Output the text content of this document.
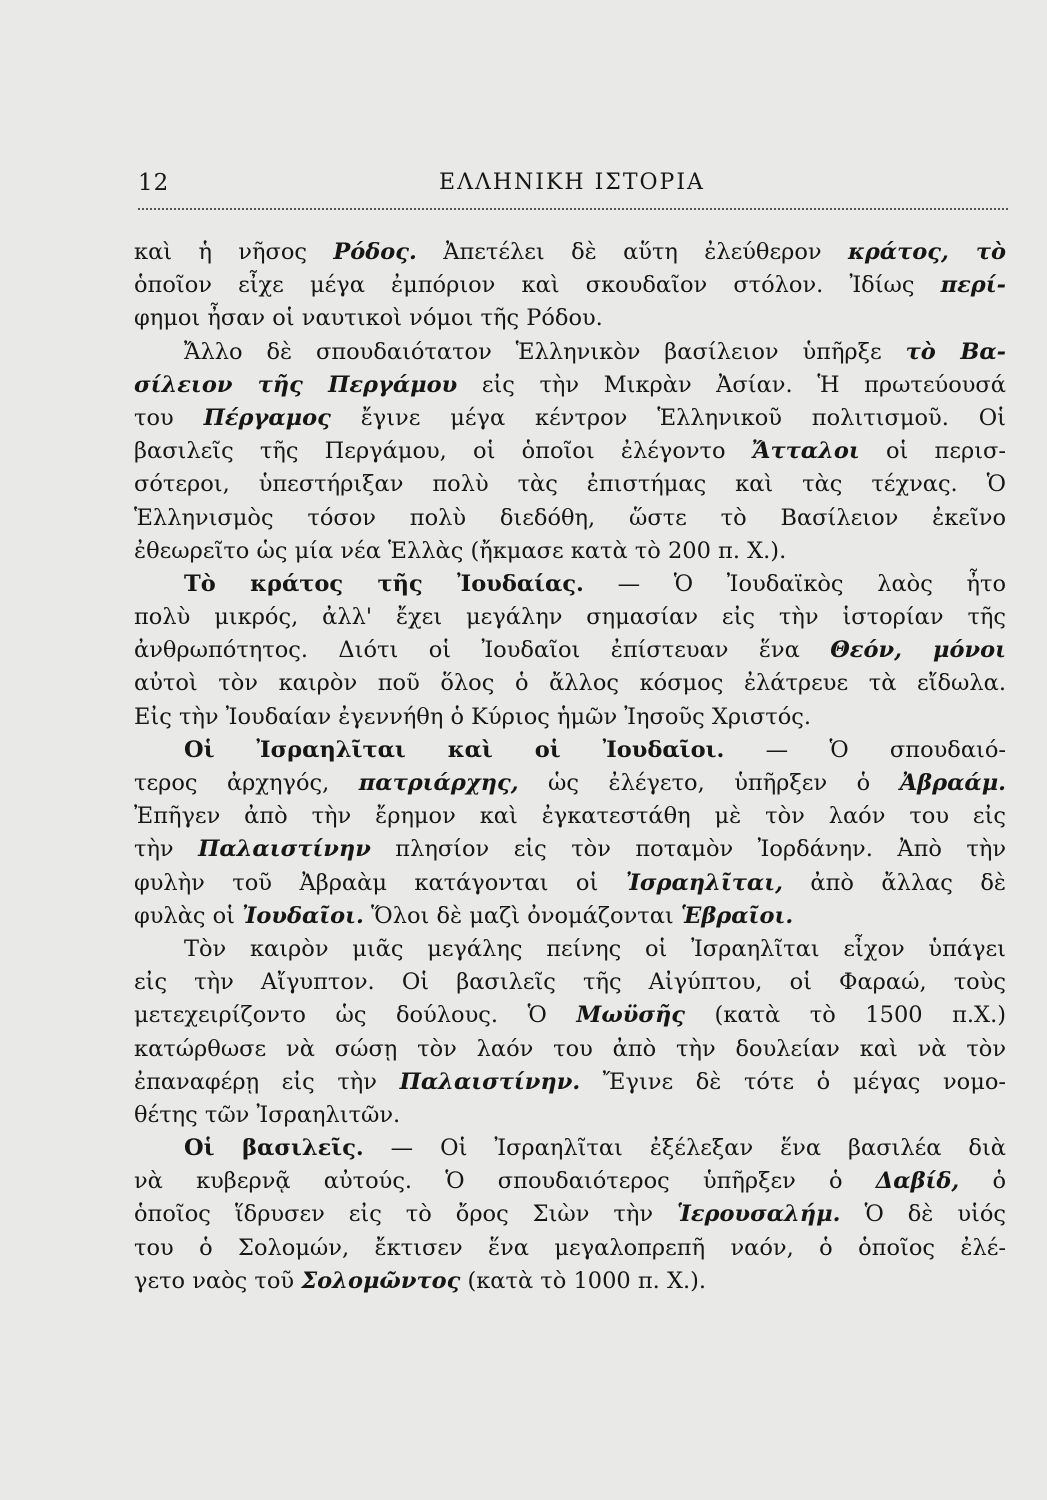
12	ΕΛΛΗΝΙΚΗ ΙΣΤΟΡΙΑ
καὶ ἡ νῆσος Ρόδος. Ἀπετέλει δὲ αὕτη ἐλεύθερον κράτος, τὸ
ὁποῖον εἶχε μέγα ἐμπόριον καὶ σκουδαῖον στόλον. Ἰδίως περί-
φημοι ἦσαν οἱ ναυτικοὶ νόμοι τῆς Ρόδου.
Ἄλλο δὲ σπουδαιότατον Ἑλληνικὸν βασίλειον ὑπῆρξε τὸ Βα-
σίλειον τῆς Περγάμου εἰς τὴν Μικρὰν Ἀσίαν. Ἡ πρωτεύουσά
του Πέργαμος ἔγινε μέγα κέντρον Ἑλληνικοῦ πολιτισμοῦ. Οἱ
βασιλεῖς τῆς Περγάμου, οἱ ὁποῖοι ἐλέγοντο Ἄτταλοι οἱ περισ-
σότεροι, ὑπεστήριξαν πολὺ τὰς ἐπιστήμας καὶ τὰς τέχνας. Ὁ
Ἑλληνισμὸς τόσον πολὺ διεδόθη, ὥστε τὸ Βασίλειον ἐκεῖνο
ἐθεωρεῖτο ὡς μία νέα Ἑλλὰς (ἤκμασε κατὰ τὸ 200 π. Χ.).
Τὸ κράτος τῆς Ἰουδαίας. — Ὁ Ἰουδαϊκὸς λαὸς ἦτο
πολὺ μικρός, ἀλλ' ἔχει μεγάλην σημασίαν εἰς τὴν ἱστορίαν τῆς
ἀνθρωπότητος. Διότι οἱ Ἰουδαῖοι ἐπίστευαν ἕνα Θεόν, μόνοι
αὐτοὶ τὸν καιρὸν ποῦ ὅλος ὁ ἄλλος κόσμος ἐλάτρευε τὰ εἴδωλα.
Εἰς τὴν Ἰουδαίαν ἐγεννήθη ὁ Κύριος ἡμῶν Ἰησοῦς Χριστός.
Οἱ Ἰσραηλῖται καὶ οἱ Ἰουδαῖοι. — Ὁ σπουδαιό-
τερος ἀρχηγός, πατριάρχης, ὡς ἐλέγετο, ὑπῆρξεν ὁ Ἀβραάμ.
Ἐπῆγεν ἀπὸ τὴν ἔρημον καὶ ἐγκατεστάθη μὲ τὸν λαόν του εἰς
τὴν Παλαιστίνην πλησίον εἰς τὸν ποταμὸν Ἰορδάνην. Ἀπὸ τὴν
φυλὴν τοῦ Ἀβραὰμ κατάγονται οἱ Ἰσραηλῖται, ἀπὸ ἄλλας δὲ
φυλὰς οἱ Ἰουδαῖοι. Ὅλοι δὲ μαζὶ ὀνομάζονται Ἑβραῖοι.
Τὸν καιρὸν μιᾶς μεγάλης πείνης οἱ Ἰσραηλῖται εἶχον ὑπάγει
εἰς τὴν Αἴγυπτον. Οἱ βασιλεῖς τῆς Αἰγύπτου, οἱ Φαραώ, τοὺς
μετεχειρίζοντο ὡς δούλους. Ὁ Μωϋσῆς (κατὰ τὸ 1500 π.Χ.)
κατώρθωσε νὰ σώσῃ τὸν λαόν του ἀπὸ τὴν δουλείαν καὶ νὰ τὸν
ἐπαναφέρῃ εἰς τὴν Παλαιστίνην. Ἔγινε δὲ τότε ὁ μέγας νομο-
θέτης τῶν Ἰσραηλιτῶν.
Οἱ βασιλεῖς. — Οἱ Ἰσραηλῖται ἐξέλεξαν ἕνα βασιλέα διὰ
νὰ κυβερνᾷ αὐτούς. Ὁ σπουδαιότερος ὑπῆρξεν ὁ Δαβίδ, ὁ
ὁποῖος ἵδρυσεν εἰς τὸ ὄρος Σιὼν τὴν Ἱερουσαλήμ. Ὁ δὲ υἱός
του ὁ Σολομών, ἔκτισεν ἕνα μεγαλοπρεπῆ ναόν, ὁ ὁποῖος ἐλέ-
γετο ναὸς τοῦ Σολομῶντος (κατὰ τὸ 1000 π. Χ.).
